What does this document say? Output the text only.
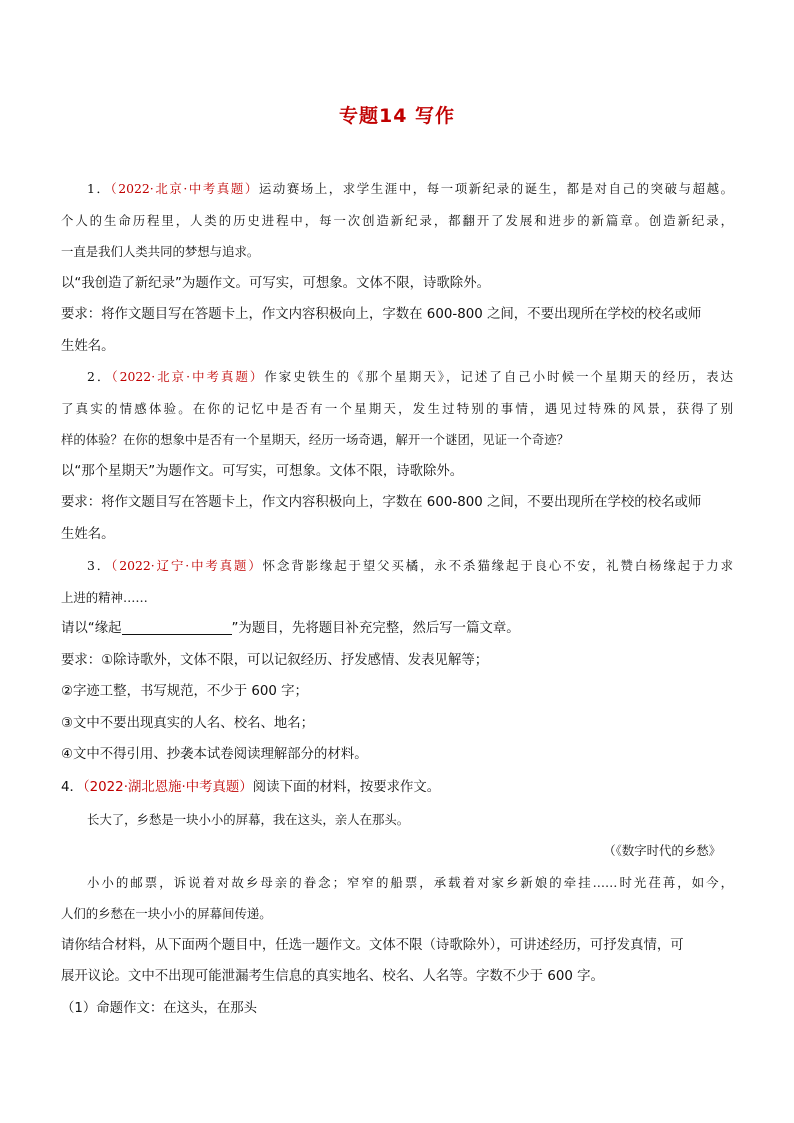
专题14 写作
1．（2022·北京·中考真题）运动赛场上，求学生涯中，每一项新纪录的诞生，都是对自己的突破与超越。
个人的生命历程里，人类的历史进程中，每一次创造新纪录，都翻开了发展和进步的新篇章。创造新纪录，
一直是我们人类共同的梦想与追求。
以“我创造了新纪录”为题作文。可写实，可想象。文体不限，诗歌除外。
要求：将作文题目写在答题卡上，作文内容积极向上，字数在 600-800 之间，不要出现所在学校的校名或师
生姓名。
2．（2022·北京·中考真题）作家史铁生的《那个星期天》，记述了自己小时候一个星期天的经历，表达
了真实的情感体验。在你的记忆中是否有一个星期天，发生过特别的事情，遇见过特殊的风景，获得了别
样的体验？在你的想象中是否有一个星期天，经历一场奇遇，解开一个谜团，见证一个奇迹？
以“那个星期天”为题作文。可写实，可想象。文体不限，诗歌除外。
要求：将作文题目写在答题卡上，作文内容积极向上，字数在 600-800 之间，不要出现所在学校的校名或师
生姓名。
3．（2022·辽宁·中考真题）怀念背影缘起于望父买橘，永不杀猫缘起于良心不安，礼赞白杨缘起于力求
上进的精神……
请以“缘起	”为题目，先将题目补充完整，然后写一篇文章。
要求：①除诗歌外，文体不限，可以记叙经历、抒发感情、发表见解等；
②字迹工整，书写规范，不少于 600 字；
③文中不要出现真实的人名、校名、地名；
④文中不得引用、抄袭本试卷阅读理解部分的材料。
4．（2022·湖北恩施·中考真题）阅读下面的材料，按要求作文。
长大了，乡愁是一块小小的屏幕，我在这头，亲人在那头。
（《数字时代的乡愁》
小小的邮票，诉说着对故乡母亲的眷念；窄窄的船票，承载着对家乡新娘的牵挂……时光荏苒，如今，
人们的乡愁在一块小小的屏幕间传递。
请你结合材料，从下面两个题目中，任选一题作文。文体不限（诗歌除外），可讲述经历，可抒发真情，可
展开议论。文中不出现可能泄漏考生信息的真实地名、校名、人名等。字数不少于 600 字。
（1）命题作文：在这头，在那头
